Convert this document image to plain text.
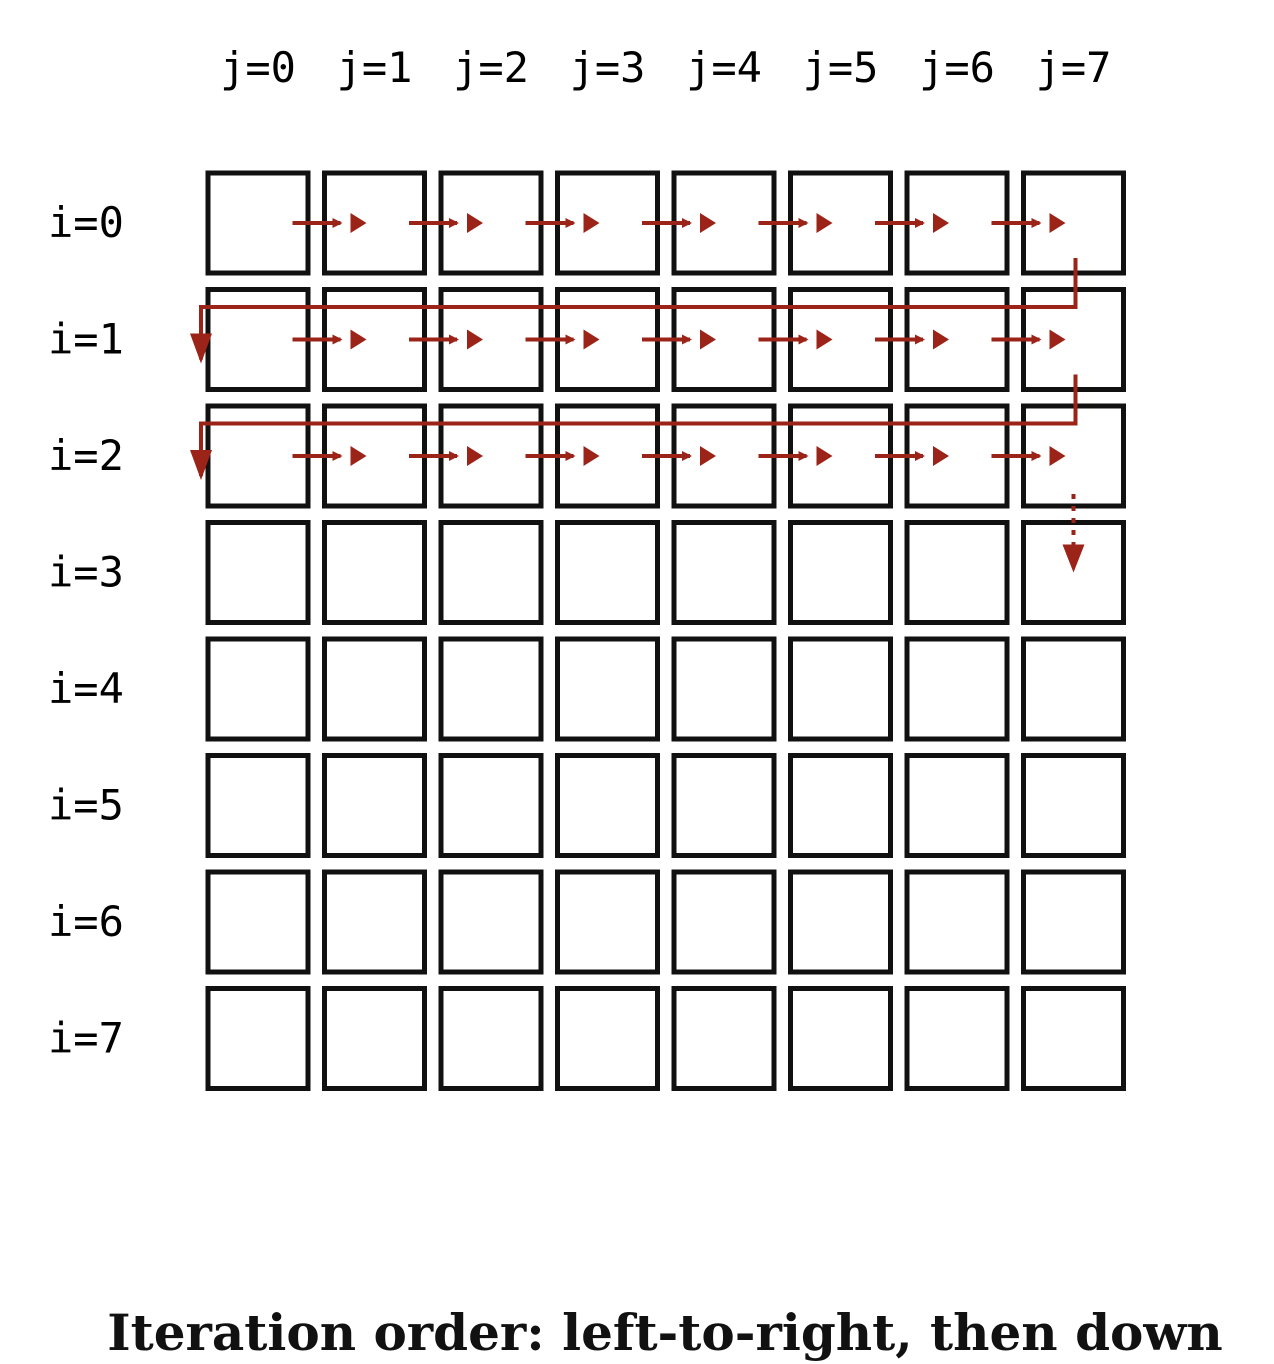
j=0 j=1 j=2 j=3 j=4 j=5 j=6 j=7
i=0
i=1
i=2
i=3
i=4
i=5
i=6
i=7
Iteration order: left-to-right, then down
